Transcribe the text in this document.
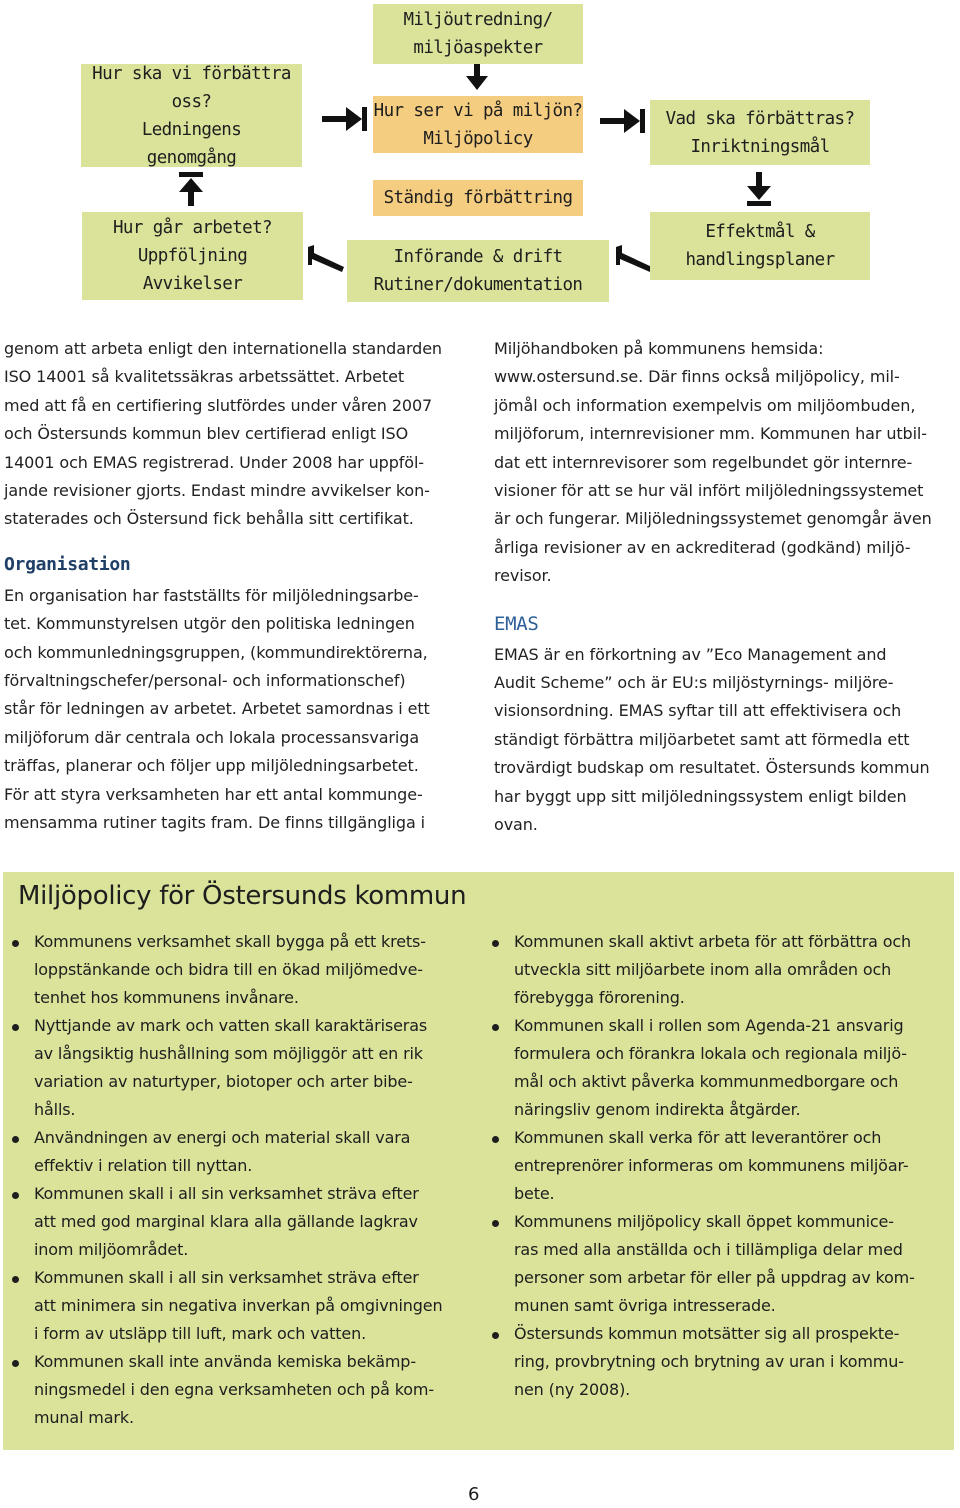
Miljöutredning/
miljöaspekter
Hur ska vi förbättra oss?
Ledningens
genomgång
Hur ser vi på miljön?
Miljöpolicy
Vad ska förbättras?
Inriktningsmål
Ständig förbättring
Hur går arbetet?
Uppföljning
Avvikelser
Införande & drift
Rutiner/dokumentation
Effektmål &
handlingsplaner

genom att arbeta enligt den internationella standarden

ISO 14001 så kvalitetssäkras arbetssättet. Arbetet

med att få en certifiering slutfördes under våren 2007

och Östersunds kommun blev certifierad enligt ISO

14001 och EMAS registrerad. Under 2008 har uppföl-

jande revisioner gjorts. Endast mindre avvikelser kon-

staterades och Östersund fick behålla sitt certifikat.

Organisation

En organisation har fastställts för miljöledningsarbe-

tet. Kommunstyrelsen utgör den politiska ledningen

och kommunledningsgruppen, (kommundirektörerna,

förvaltningschefer/personal- och informationschef)

står för ledningen av arbetet. Arbetet samordnas i ett

miljöforum där centrala och lokala processansvariga

träffas, planerar och följer upp miljöledningsarbetet.

För att styra verksamheten har ett antal kommunge-

mensamma rutiner tagits fram. De finns tillgängliga i

Miljöhandboken på kommunens hemsida:

www.ostersund.se. Där finns också miljöpolicy, mil-

jömål och information exempelvis om miljöombuden,

miljöforum, internrevisioner mm. Kommunen har utbil-

dat ett internrevisorer som regelbundet gör internre-

visioner för att se hur väl infört miljöledningssystemet

är och fungerar. Miljöledningssystemet genomgår även

årliga revisioner av en ackrediterad (godkänd) miljö-

revisor.

EMAS

EMAS är en förkortning av ”Eco Management and

Audit Scheme” och är EU:s miljöstyrnings- miljöre-

visionsordning. EMAS syftar till att effektivisera och

ständigt förbättra miljöarbetet samt att förmedla ett

trovärdigt budskap om resultatet. Östersunds kommun

har byggt upp sitt miljöledningssystem enligt bilden

ovan.

Miljöpolicy för Östersunds kommun
Kommunens verksamhet skall bygga på ett krets-
loppstänkande och bidra till en ökad miljömedve-
tenhet hos kommunens invånare.
Nyttjande av mark och vatten skall karaktäriseras
av långsiktig hushållning som möjliggör att en rik
variation av naturtyper, biotoper och arter bibe-
hålls.
Användningen av energi och material skall vara
effektiv i relation till nyttan.
Kommunen skall i all sin verksamhet sträva efter
att med god marginal klara alla gällande lagkrav
inom miljöområdet.
Kommunen skall i all sin verksamhet sträva efter
att minimera sin negativa inverkan på omgivningen
i form av utsläpp till luft, mark och vatten.
Kommunen skall inte använda kemiska bekämp-
ningsmedel i den egna verksamheten och på kom-
munal mark.
Kommunen skall aktivt arbeta för att förbättra och
utveckla sitt miljöarbete inom alla områden och
förebygga förorening.
Kommunen skall i rollen som Agenda-21 ansvarig
formulera och förankra lokala och regionala miljö-
mål och aktivt påverka kommunmedborgare och
näringsliv genom indirekta åtgärder.
Kommunen skall verka för att leverantörer och
entreprenörer informeras om kommunens miljöar-
bete.
Kommunens miljöpolicy skall öppet kommunice-
ras med alla anställda och i tillämpliga delar med
personer som arbetar för eller på uppdrag av kom-
munen samt övriga intresserade.
Östersunds kommun motsätter sig all prospekte-
ring, provbrytning och brytning av uran i kommu-
nen (ny 2008).
6
